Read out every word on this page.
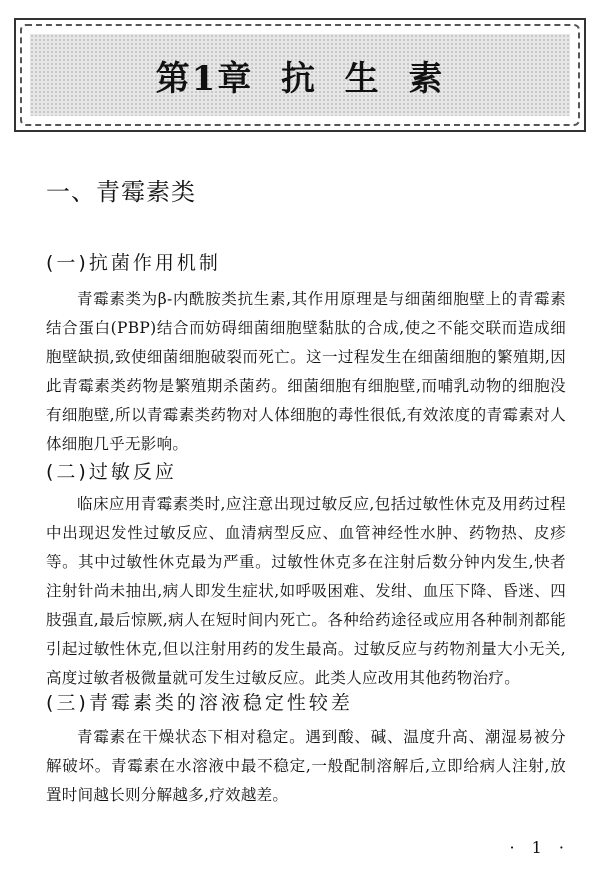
第1章  抗  生  素
一、青霉素类
(一)抗菌作用机制

青霉素类为β-内酰胺类抗生素,其作用原理是与细菌细胞壁上的青霉素结合蛋白(PBP)结合而妨碍细菌细胞壁黏肽的合成,使之不能交联而造成细胞壁缺损,致使细菌细胞破裂而死亡。这一过程发生在细菌细胞的繁殖期,因此青霉素类药物是繁殖期杀菌药。细菌细胞有细胞壁,而哺乳动物的细胞没有细胞壁,所以青霉素类药物对人体细胞的毒性很低,有效浓度的青霉素对人体细胞几乎无影响。

(二)过敏反应

临床应用青霉素类时,应注意出现过敏反应,包括过敏性休克及用药过程中出现迟发性过敏反应、血清病型反应、血管神经性水肿、药物热、皮疹等。其中过敏性休克最为严重。过敏性休克多在注射后数分钟内发生,快者注射针尚未抽出,病人即发生症状,如呼吸困难、发绀、血压下降、昏迷、四肢强直,最后惊厥,病人在短时间内死亡。各种给药途径或应用各种制剂都能引起过敏性休克,但以注射用药的发生最高。过敏反应与药物剂量大小无关,高度过敏者极微量就可发生过敏反应。此类人应改用其他药物治疗。

(三)青霉素类的溶液稳定性较差

青霉素在干燥状态下相对稳定。遇到酸、碱、温度升高、潮湿易被分解破坏。青霉素在水溶液中最不稳定,一般配制溶解后,立即给病人注射,放置时间越长则分解越多,疗效越差。

· 1 ·
